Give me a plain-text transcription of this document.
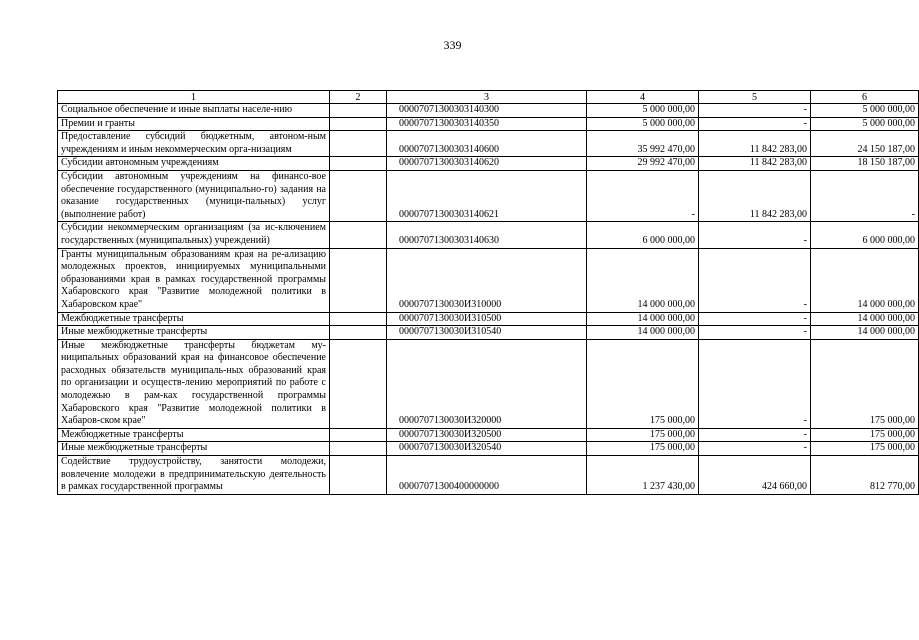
339
1	2	3	4	5	6
Социальное обеспечение и иные выплаты населе-нию		0000707130030314030​0	5 000 000,00	-	5 000 000,00
Премии и гранты		00007071300303140350	5 000 000,00	-	5 000 000,00
Предоставление субсидий бюджетным, автоном-ным учреждениям и иным некоммерческим орга-низациям		00007071300303140600	35 992 470,00	11 842 283,00	24 150 187,00
Субсидии автономным учреждениям		00007071300303140620	29 992 470,00	11 842 283,00	18 150 187,00
Субсидии автономным учреждениям на финансо-вое обеспечение государственного (муниципально-го) задания на оказание государственных (муници-пальных) услуг (выполнение работ)		00007071300303140621	-	11 842 283,00	-
Субсидии некоммерческим организациям (за ис-ключением государственных (муниципальных) учреждений)		00007071300303140630	6 000 000,00	-	6 000 000,00
Гранты муниципальным образованиям края на ре-ализацию молодежных проектов, инициируемых муниципальными образованиями края в рамках государственной программы Хабаровского края "Развитие молодежной политики в Хабаровском крае"		0000707130030И310000	14 000 000,00	-	14 000 000,00
Межбюджетные трансферты		0000707130030И310500	14 000 000,00	-	14 000 000,00
Иные межбюджетные трансферты		0000707130030И310540	14 000 000,00	-	14 000 000,00
Иные межбюджетные трансферты бюджетам му-ниципальных образований края на финансовое обеспечение расходных обязательств муниципаль-ных образований края по организации и осуществ-лению мероприятий по работе с молодежью в рам-ках государственной программы Хабаровского края "Развитие молодежной политики в Хабаров-ском крае"		0000707130030И320000	175 000,00	-	175 000,00
Межбюджетные трансферты		0000707130030И320500	175 000,00	-	175 000,00
Иные межбюджетные трансферты		0000707130030И320540	175 000,00	-	175 000,00
Содействие трудоустройству, занятости молодежи, вовлечение молодежи в предпринимательскую деятельность в рамках государственной программы		00007071300400000000	1 237 430,00	424 660,00	812 770,00
